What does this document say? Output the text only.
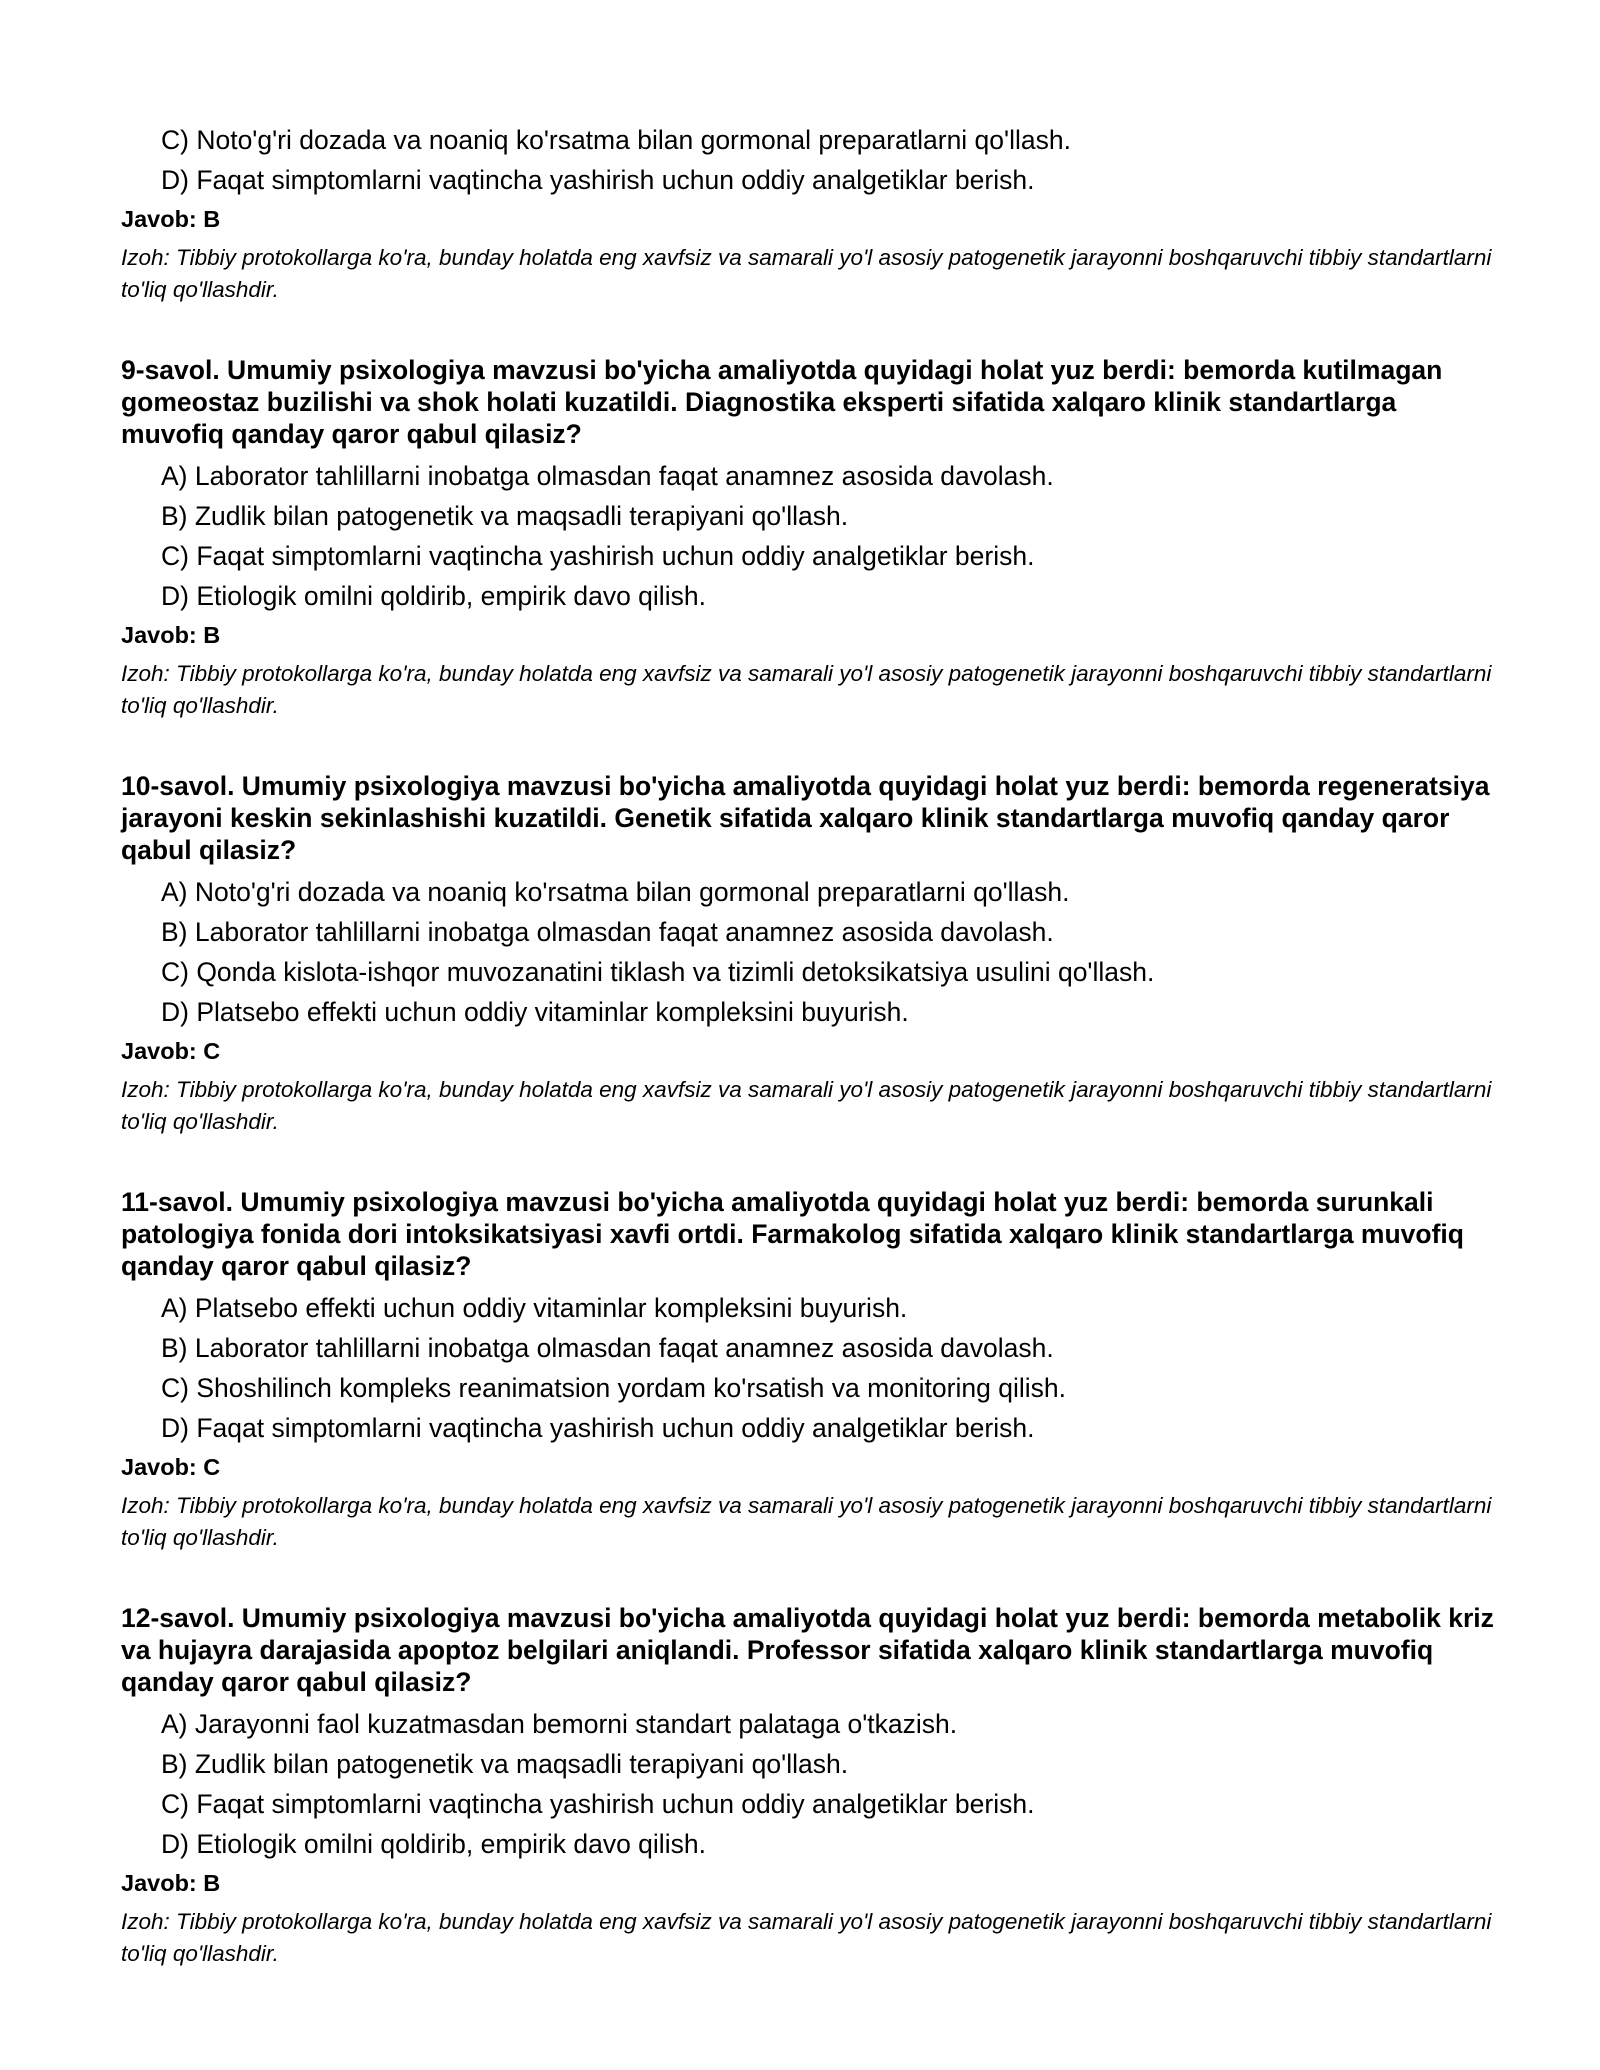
C) Noto'g'ri dozada va noaniq ko'rsatma bilan gormonal preparatlarni qo'llash.
D) Faqat simptomlarni vaqtincha yashirish uchun oddiy analgetiklar berish.
Javob: B
Izoh: Tibbiy protokollarga ko'ra, bunday holatda eng xavfsiz va samarali yo'l asosiy patogenetik jarayonni boshqaruvchi tibbiy standartlarni to'liq qo'llashdir.
9-savol. Umumiy psixologiya mavzusi bo'yicha amaliyotda quyidagi holat yuz berdi: bemorda kutilmagan gomeostaz buzilishi va shok holati kuzatildi. Diagnostika eksperti sifatida xalqaro klinik standartlarga muvofiq qanday qaror qabul qilasiz?
A) Laborator tahlillarni inobatga olmasdan faqat anamnez asosida davolash.
B) Zudlik bilan patogenetik va maqsadli terapiyani qo'llash.
C) Faqat simptomlarni vaqtincha yashirish uchun oddiy analgetiklar berish.
D) Etiologik omilni qoldirib, empirik davo qilish.
Javob: B
Izoh: Tibbiy protokollarga ko'ra, bunday holatda eng xavfsiz va samarali yo'l asosiy patogenetik jarayonni boshqaruvchi tibbiy standartlarni to'liq qo'llashdir.
10-savol. Umumiy psixologiya mavzusi bo'yicha amaliyotda quyidagi holat yuz berdi: bemorda regeneratsiya jarayoni keskin sekinlashishi kuzatildi. Genetik sifatida xalqaro klinik standartlarga muvofiq qanday qaror qabul qilasiz?
A) Noto'g'ri dozada va noaniq ko'rsatma bilan gormonal preparatlarni qo'llash.
B) Laborator tahlillarni inobatga olmasdan faqat anamnez asosida davolash.
C) Qonda kislota-ishqor muvozanatini tiklash va tizimli detoksikatsiya usulini qo'llash.
D) Platsebo effekti uchun oddiy vitaminlar kompleksini buyurish.
Javob: C
Izoh: Tibbiy protokollarga ko'ra, bunday holatda eng xavfsiz va samarali yo'l asosiy patogenetik jarayonni boshqaruvchi tibbiy standartlarni to'liq qo'llashdir.
11-savol. Umumiy psixologiya mavzusi bo'yicha amaliyotda quyidagi holat yuz berdi: bemorda surunkali patologiya fonida dori intoksikatsiyasi xavfi ortdi. Farmakolog sifatida xalqaro klinik standartlarga muvofiq qanday qaror qabul qilasiz?
A) Platsebo effekti uchun oddiy vitaminlar kompleksini buyurish.
B) Laborator tahlillarni inobatga olmasdan faqat anamnez asosida davolash.
C) Shoshilinch kompleks reanimatsion yordam ko'rsatish va monitoring qilish.
D) Faqat simptomlarni vaqtincha yashirish uchun oddiy analgetiklar berish.
Javob: C
Izoh: Tibbiy protokollarga ko'ra, bunday holatda eng xavfsiz va samarali yo'l asosiy patogenetik jarayonni boshqaruvchi tibbiy standartlarni to'liq qo'llashdir.
12-savol. Umumiy psixologiya mavzusi bo'yicha amaliyotda quyidagi holat yuz berdi: bemorda metabolik kriz va hujayra darajasida apoptoz belgilari aniqlandi. Professor sifatida xalqaro klinik standartlarga muvofiq qanday qaror qabul qilasiz?
A) Jarayonni faol kuzatmasdan bemorni standart palataga o'tkazish.
B) Zudlik bilan patogenetik va maqsadli terapiyani qo'llash.
C) Faqat simptomlarni vaqtincha yashirish uchun oddiy analgetiklar berish.
D) Etiologik omilni qoldirib, empirik davo qilish.
Javob: B
Izoh: Tibbiy protokollarga ko'ra, bunday holatda eng xavfsiz va samarali yo'l asosiy patogenetik jarayonni boshqaruvchi tibbiy standartlarni to'liq qo'llashdir.
